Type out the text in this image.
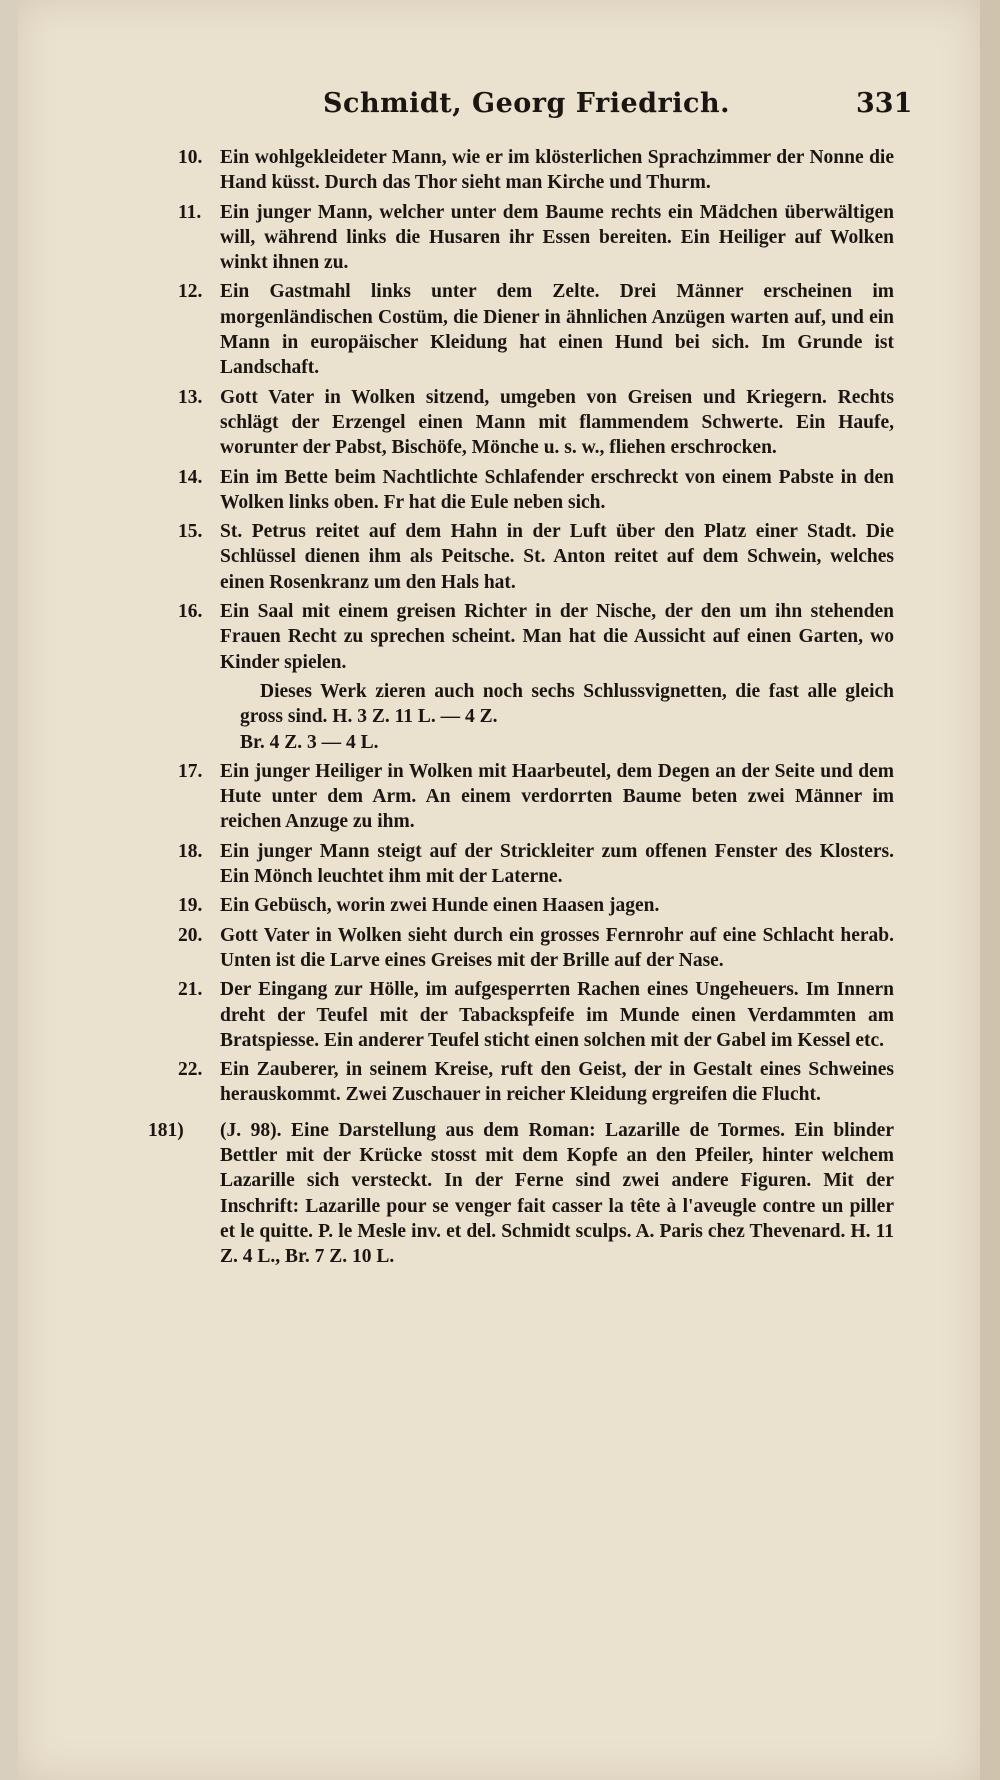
Schmidt, Georg Friedrich.	331
10. Ein wohlgekleideter Mann, wie er im klösterlichen Sprachzimmer der Nonne die Hand küsst. Durch das Thor sieht man Kirche und Thurm.
11. Ein junger Mann, welcher unter dem Baume rechts ein Mädchen überwältigen will, während links die Husaren ihr Essen bereiten. Ein Heiliger auf Wolken winkt ihnen zu.
12. Ein Gastmahl links unter dem Zelte. Drei Männer erscheinen im morgenländischen Costüm, die Diener in ähnlichen Anzügen warten auf, und ein Mann in europäischer Kleidung hat einen Hund bei sich. Im Grunde ist Landschaft.
13. Gott Vater in Wolken sitzend, umgeben von Greisen und Kriegern. Rechts schlägt der Erzengel einen Mann mit flammendem Schwerte. Ein Haufe, worunter der Pabst, Bischöfe, Mönche u. s. w., fliehen erschrocken.
14. Ein im Bette beim Nachtlichte Schlafender erschreckt von einem Pabste in den Wolken links oben. Fr hat die Eule neben sich.
15. St. Petrus reitet auf dem Hahn in der Luft über den Platz einer Stadt. Die Schlüssel dienen ihm als Peitsche. St. Anton reitet auf dem Schwein, welches einen Rosenkranz um den Hals hat.
16. Ein Saal mit einem greisen Richter in der Nische, der den um ihn stehenden Frauen Recht zu sprechen scheint. Man hat die Aussicht auf einen Garten, wo Kinder spielen.
Dieses Werk zieren auch noch sechs Schlussvignetten, die fast alle gleich gross sind. H. 3 Z. 11 L. — 4 Z.
Br. 4 Z. 3 — 4 L.
17. Ein junger Heiliger in Wolken mit Haarbeutel, dem Degen an der Seite und dem Hute unter dem Arm. An einem verdorrten Baume beten zwei Männer im reichen Anzuge zu ihm.
18. Ein junger Mann steigt auf der Strickleiter zum offenen Fenster des Klosters. Ein Mönch leuchtet ihm mit der Laterne.
19. Ein Gebüsch, worin zwei Hunde einen Haasen jagen.
20. Gott Vater in Wolken sieht durch ein grosses Fernrohr auf eine Schlacht herab. Unten ist die Larve eines Greises mit der Brille auf der Nase.
21. Der Eingang zur Hölle, im aufgesperrten Rachen eines Ungeheuers. Im Innern dreht der Teufel mit der Tabackspfeife im Munde einen Verdammten am Bratspiesse. Ein anderer Teufel sticht einen solchen mit der Gabel im Kessel etc.
22. Ein Zauberer, in seinem Kreise, ruft den Geist, der in Gestalt eines Schweines herauskommt. Zwei Zuschauer in reicher Kleidung ergreifen die Flucht.
181)	(J. 98). Eine Darstellung aus dem Roman: Lazarille de Tormes. Ein blinder Bettler mit der Krücke stosst mit dem Kopfe an den Pfeiler, hinter welchem Lazarille sich versteckt. In der Ferne sind zwei andere Figuren. Mit der Inschrift: Lazarille pour se venger fait casser la tête à l'aveugle contre un piller et le quitte. P. le Mesle inv. et del. Schmidt sculps. A. Paris chez Thevenard. H. 11 Z. 4 L., Br. 7 Z. 10 L.
